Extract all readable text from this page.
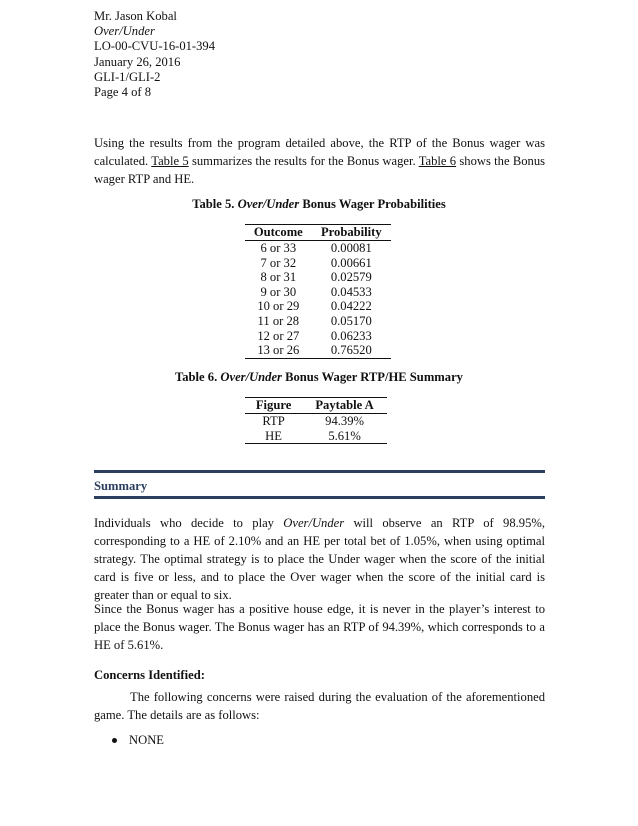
Mr. Jason Kobal
Over/Under
LO-00-CVU-16-01-394
January 26, 2016
GLI-1/GLI-2
Page 4 of 8
Using the results from the program detailed above, the RTP of the Bonus wager was calculated. Table 5 summarizes the results for the Bonus wager. Table 6 shows the Bonus wager RTP and HE.
Table 5. Over/Under Bonus Wager Probabilities
Outcome	Probability
6 or 33	0.00081
7 or 32	0.00661
8 or 31	0.02579
9 or 30	0.04533
10 or 29	0.04222
11 or 28	0.05170
12 or 27	0.06233
13 or 26	0.76520
Table 6. Over/Under Bonus Wager RTP/HE Summary
Figure	Paytable A
RTP	94.39%
HE	5.61%
Summary
Individuals who decide to play Over/Under will observe an RTP of 98.95%, corresponding to a HE of 2.10% and an HE per total bet of 1.05%, when using optimal strategy. The optimal strategy is to place the Under wager when the score of the initial card is five or less, and to place the Over wager when the score of the initial card is greater than or equal to six.
Since the Bonus wager has a positive house edge, it is never in the player’s interest to place the Bonus wager. The Bonus wager has an RTP of 94.39%, which corresponds to a HE of 5.61%.
Concerns Identified:
The following concerns were raised during the evaluation of the aforementioned game. The details are as follows:
NONE
